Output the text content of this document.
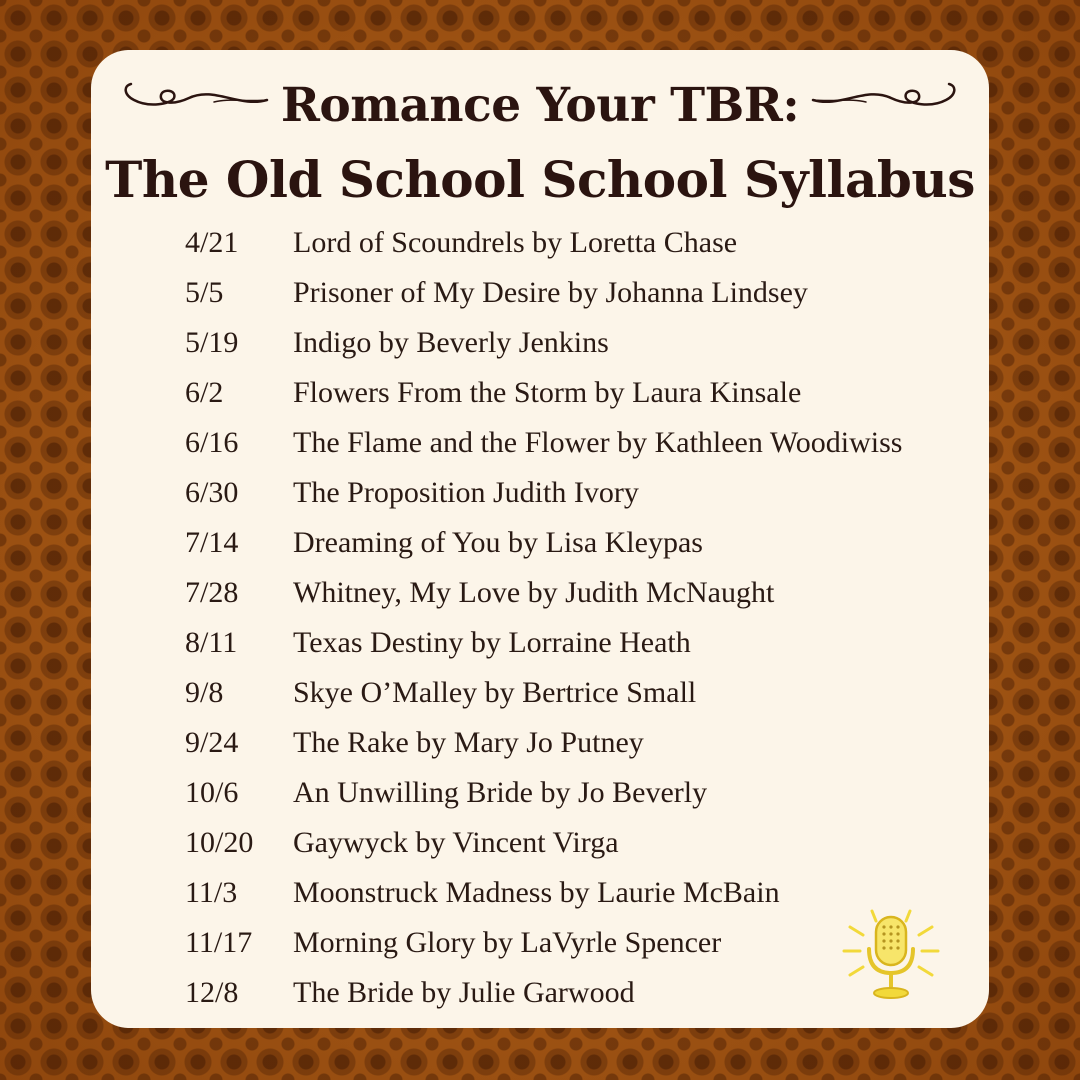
Romance Your TBR:
The Old School School Syllabus
4/21	Lord of Scoundrels by Loretta Chase
5/5	Prisoner of My Desire by Johanna Lindsey
5/19	Indigo by Beverly Jenkins
6/2	Flowers From the Storm by Laura Kinsale
6/16	The Flame and the Flower by Kathleen Woodiwiss
6/30	The Proposition Judith Ivory
7/14	Dreaming of You by Lisa Kleypas
7/28	Whitney, My Love by Judith McNaught
8/11	Texas Destiny by Lorraine Heath
9/8	Skye O’Malley by Bertrice Small
9/24	The Rake by Mary Jo Putney
10/6	An Unwilling Bride by Jo Beverly
10/20	Gaywyck by Vincent Virga
11/3	Moonstruck Madness by Laurie McBain
11/17	Morning Glory by LaVyrle Spencer
12/8	The Bride by Julie Garwood
